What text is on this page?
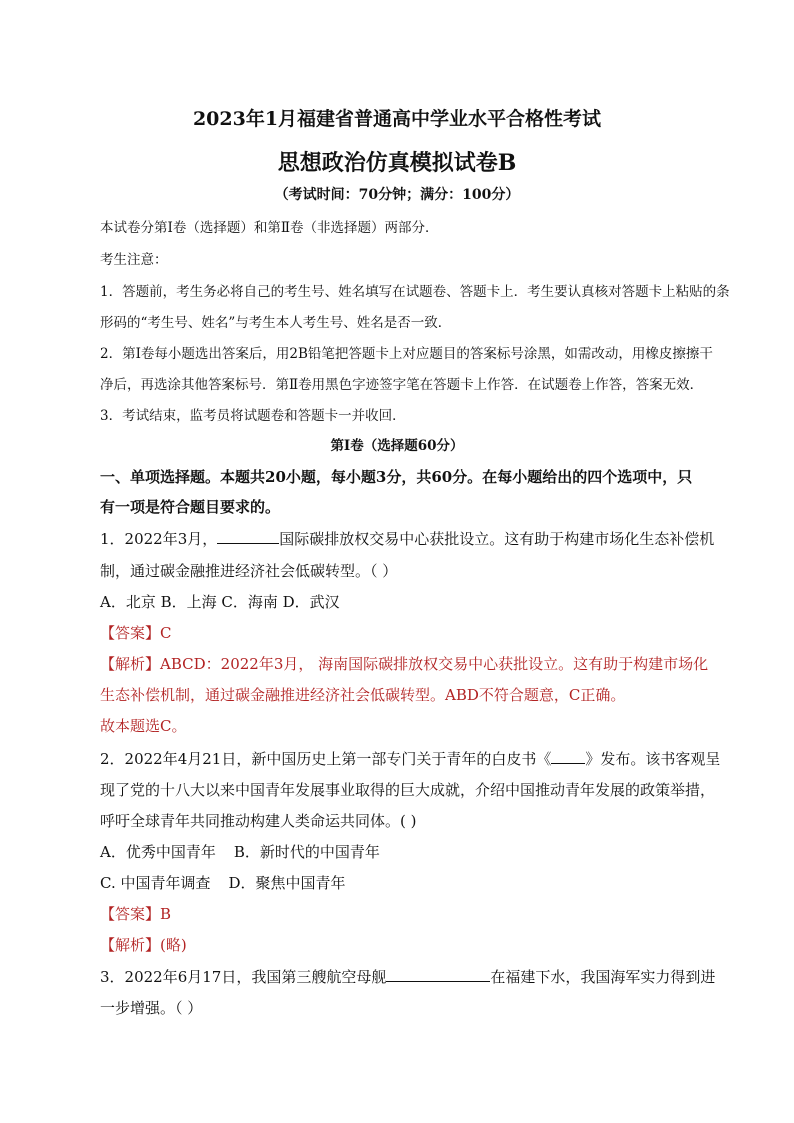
2023年1月福建省普通高中学业水平合格性考试
思想政治仿真模拟试卷B
（考试时间：70分钟；满分：100分）
本试卷分第Ⅰ卷（选择题）和第Ⅱ卷（非选择题）两部分．
考生注意：
1．答题前，考生务必将自己的考生号、姓名填写在试题卷、答题卡上．考生要认真核对答题卡上粘贴的条
形码的“考生号、姓名”与考生本人考生号、姓名是否一致．
2．第Ⅰ卷每小题选出答案后，用2B铅笔把答题卡上对应题目的答案标号涂黑，如需改动，用橡皮擦擦干
净后，再选涂其他答案标号．第Ⅱ卷用黑色字迹签字笔在答题卡上作答．在试题卷上作答，答案无效．
3．考试结束，监考员将试题卷和答题卡一并收回．
第Ⅰ卷（选择题60分）
一、单项选择题。本题共20小题，每小题3分，共60分。在每小题给出的四个选项中，只
有一项是符合题目要求的。
1．2022年3月，	国际碳排放权交易中心获批设立。这有助于构建市场化生态补偿机
制，通过碳金融推进经济社会低碳转型。（ ）
A．北京 B．上海 C．海南 D．武汉
【答案】C
【解析】ABCD：2022年3月， 海南国际碳排放权交易中心获批设立。这有助于构建市场化
生态补偿机制，通过碳金融推进经济社会低碳转型。ABD不符合题意，C正确。
故本题选C。
2．2022年4月21日，新中国历史上第一部专门关于青年的白皮书《 》发布。该书客观呈
现了党的十八大以来中国青年发展事业取得的巨大成就，介绍中国推动青年发展的政策举措，
呼吁全球青年共同推动构建人类命运共同体。( )
A．优秀中国青年 B．新时代的中国青年
C. 中国青年调查 D．聚焦中国青年
【答案】B
【解析】(略)
3．2022年6月17日，我国第三艘航空母舰	在福建下水，我国海军实力得到进
一步增强。（ ）
